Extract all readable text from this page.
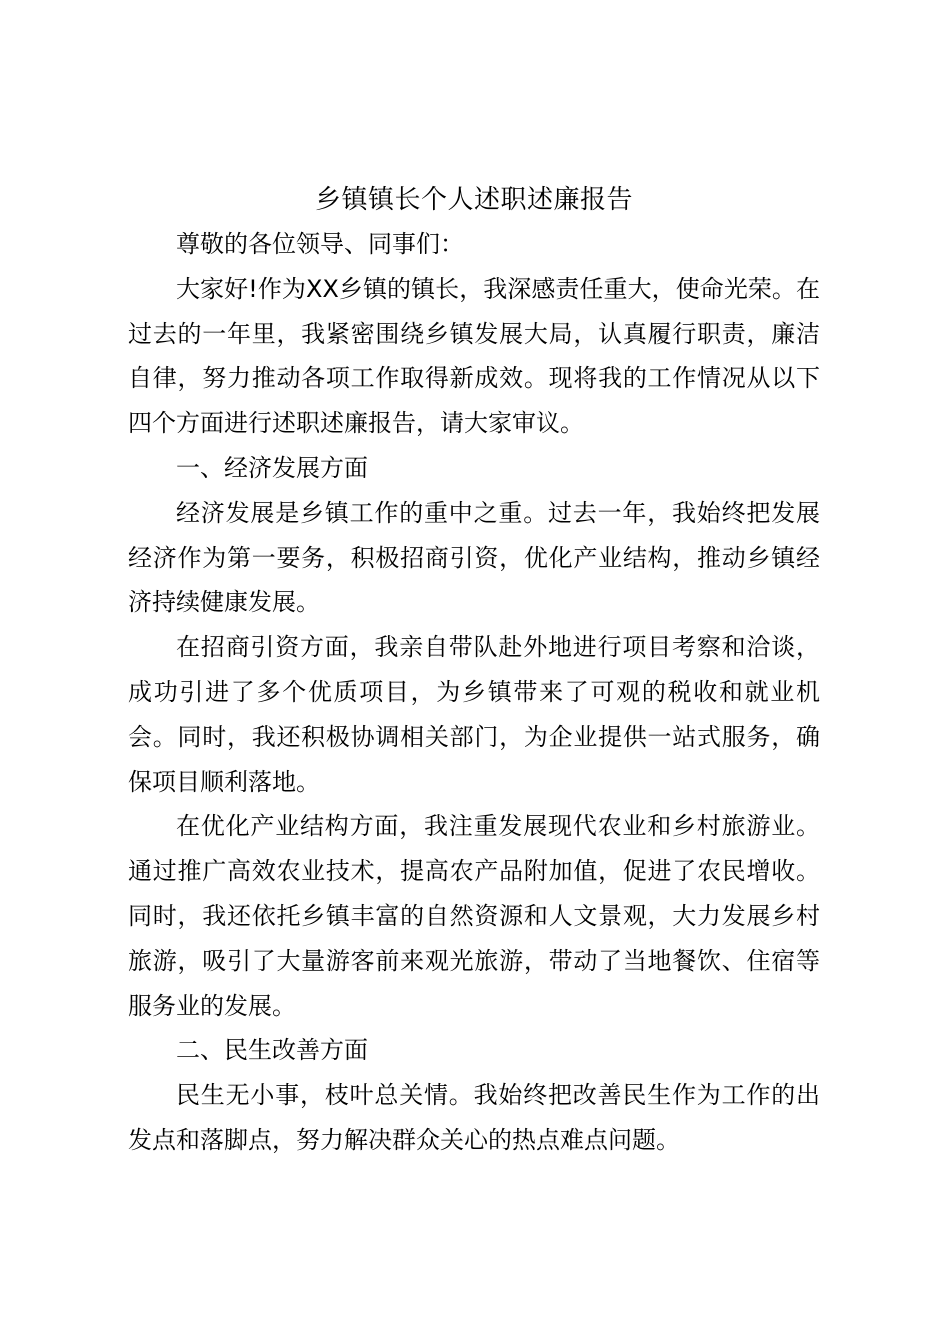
乡镇镇长个人述职述廉报告

尊敬的各位领导、同事们：

大家好!作为XX乡镇的镇长，我深感责任重大，使命光荣。在过去的一年里，我紧密围绕乡镇发展大局，认真履行职责，廉洁自律，努力推动各项工作取得新成效。现将我的工作情况从以下四个方面进行述职述廉报告，请大家审议。

一、经济发展方面

经济发展是乡镇工作的重中之重。过去一年，我始终把发展经济作为第一要务，积极招商引资，优化产业结构，推动乡镇经济持续健康发展。

在招商引资方面，我亲自带队赴外地进行项目考察和洽谈，成功引进了多个优质项目，为乡镇带来了可观的税收和就业机会。同时，我还积极协调相关部门，为企业提供一站式服务，确保项目顺利落地。

在优化产业结构方面，我注重发展现代农业和乡村旅游业。通过推广高效农业技术，提高农产品附加值，促进了农民增收。同时，我还依托乡镇丰富的自然资源和人文景观，大力发展乡村旅游，吸引了大量游客前来观光旅游，带动了当地餐饮、住宿等服务业的发展。

二、民生改善方面

民生无小事，枝叶总关情。我始终把改善民生作为工作的出发点和落脚点，努力解决群众关心的热点难点问题。
